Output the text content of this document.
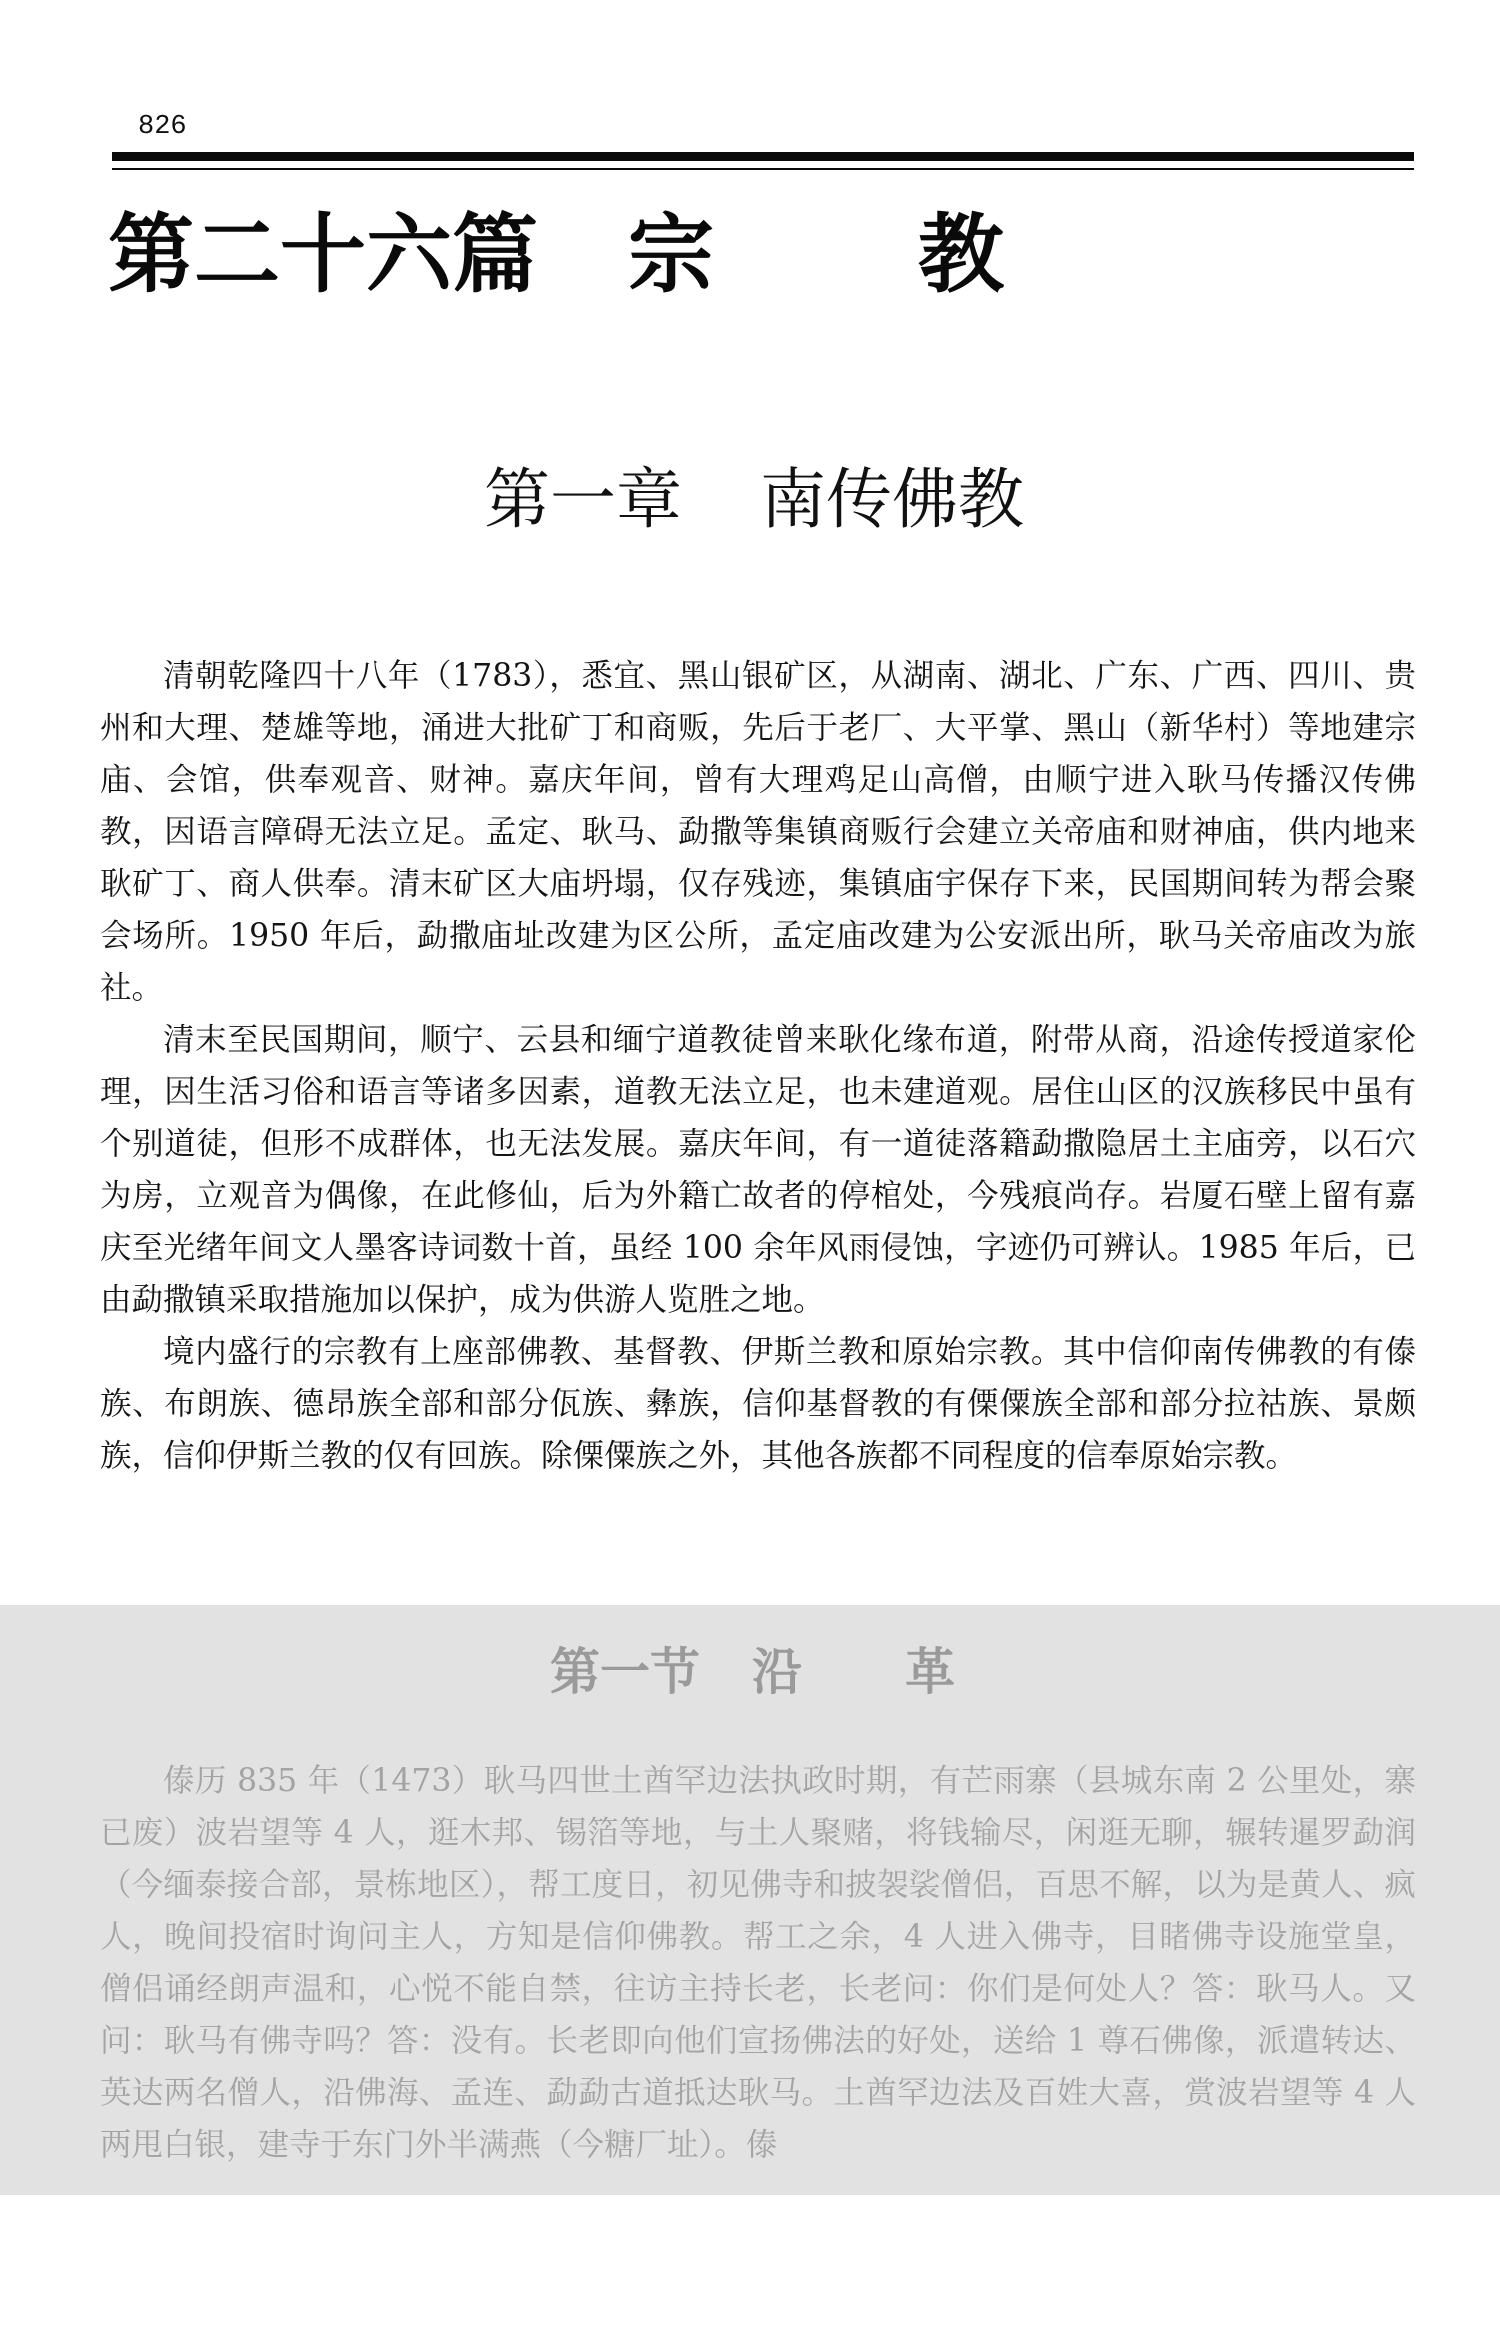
826
第二十六篇 宗 教
第一章 南传佛教

清朝乾隆四十八年（1783），悉宜、黑山银矿区，从湖南、湖北、广东、广西、四川、贵州和大理、楚雄等地，涌进大批矿丁和商贩，先后于老厂、大平掌、黑山（新华村）等地建宗庙、会馆，供奉观音、财神。嘉庆年间，曾有大理鸡足山高僧，由顺宁进入耿马传播汉传佛教，因语言障碍无法立足。孟定、耿马、勐撒等集镇商贩行会建立关帝庙和财神庙，供内地来耿矿丁、商人供奉。清末矿区大庙坍塌，仅存残迹，集镇庙宇保存下来，民国期间转为帮会聚会场所。1950 年后，勐撒庙址改建为区公所，孟定庙改建为公安派出所，耿马关帝庙改为旅社。

清末至民国期间，顺宁、云县和缅宁道教徒曾来耿化缘布道，附带从商，沿途传授道家伦理，因生活习俗和语言等诸多因素，道教无法立足，也未建道观。居住山区的汉族移民中虽有个别道徒，但形不成群体，也无法发展。嘉庆年间，有一道徒落籍勐撒隐居土主庙旁，以石穴为房，立观音为偶像，在此修仙，后为外籍亡故者的停棺处，今残痕尚存。岩厦石壁上留有嘉庆至光绪年间文人墨客诗词数十首，虽经 100 余年风雨侵蚀，字迹仍可辨认。1985 年后，已由勐撒镇采取措施加以保护，成为供游人览胜之地。

境内盛行的宗教有上座部佛教、基督教、伊斯兰教和原始宗教。其中信仰南传佛教的有傣族、布朗族、德昂族全部和部分佤族、彝族，信仰基督教的有傈僳族全部和部分拉祜族、景颇族，信仰伊斯兰教的仅有回族。除傈僳族之外，其他各族都不同程度的信奉原始宗教。

第一节 沿 革

傣历 835 年（1473）耿马四世土酋罕边法执政时期，有芒雨寨（县城东南 2 公里处，寨已废）波岩望等 4 人，逛木邦、锡箔等地，与土人聚赌，将钱输尽，闲逛无聊，辗转暹罗勐润（今缅泰接合部，景栋地区），帮工度日，初见佛寺和披袈裟僧侣，百思不解，以为是黄人、疯人，晚间投宿时询问主人，方知是信仰佛教。帮工之余，4 人进入佛寺，目睹佛寺设施堂皇，僧侣诵经朗声温和，心悦不能自禁，往访主持长老，长老问：你们是何处人？答：耿马人。又问：耿马有佛寺吗？答：没有。长老即向他们宣扬佛法的好处，送给 1 尊石佛像，派遣转达、英达两名僧人，沿佛海、孟连、勐勐古道抵达耿马。土酋罕边法及百姓大喜，赏波岩望等 4 人两甩白银，建寺于东门外半满燕（今糖厂址）。傣
